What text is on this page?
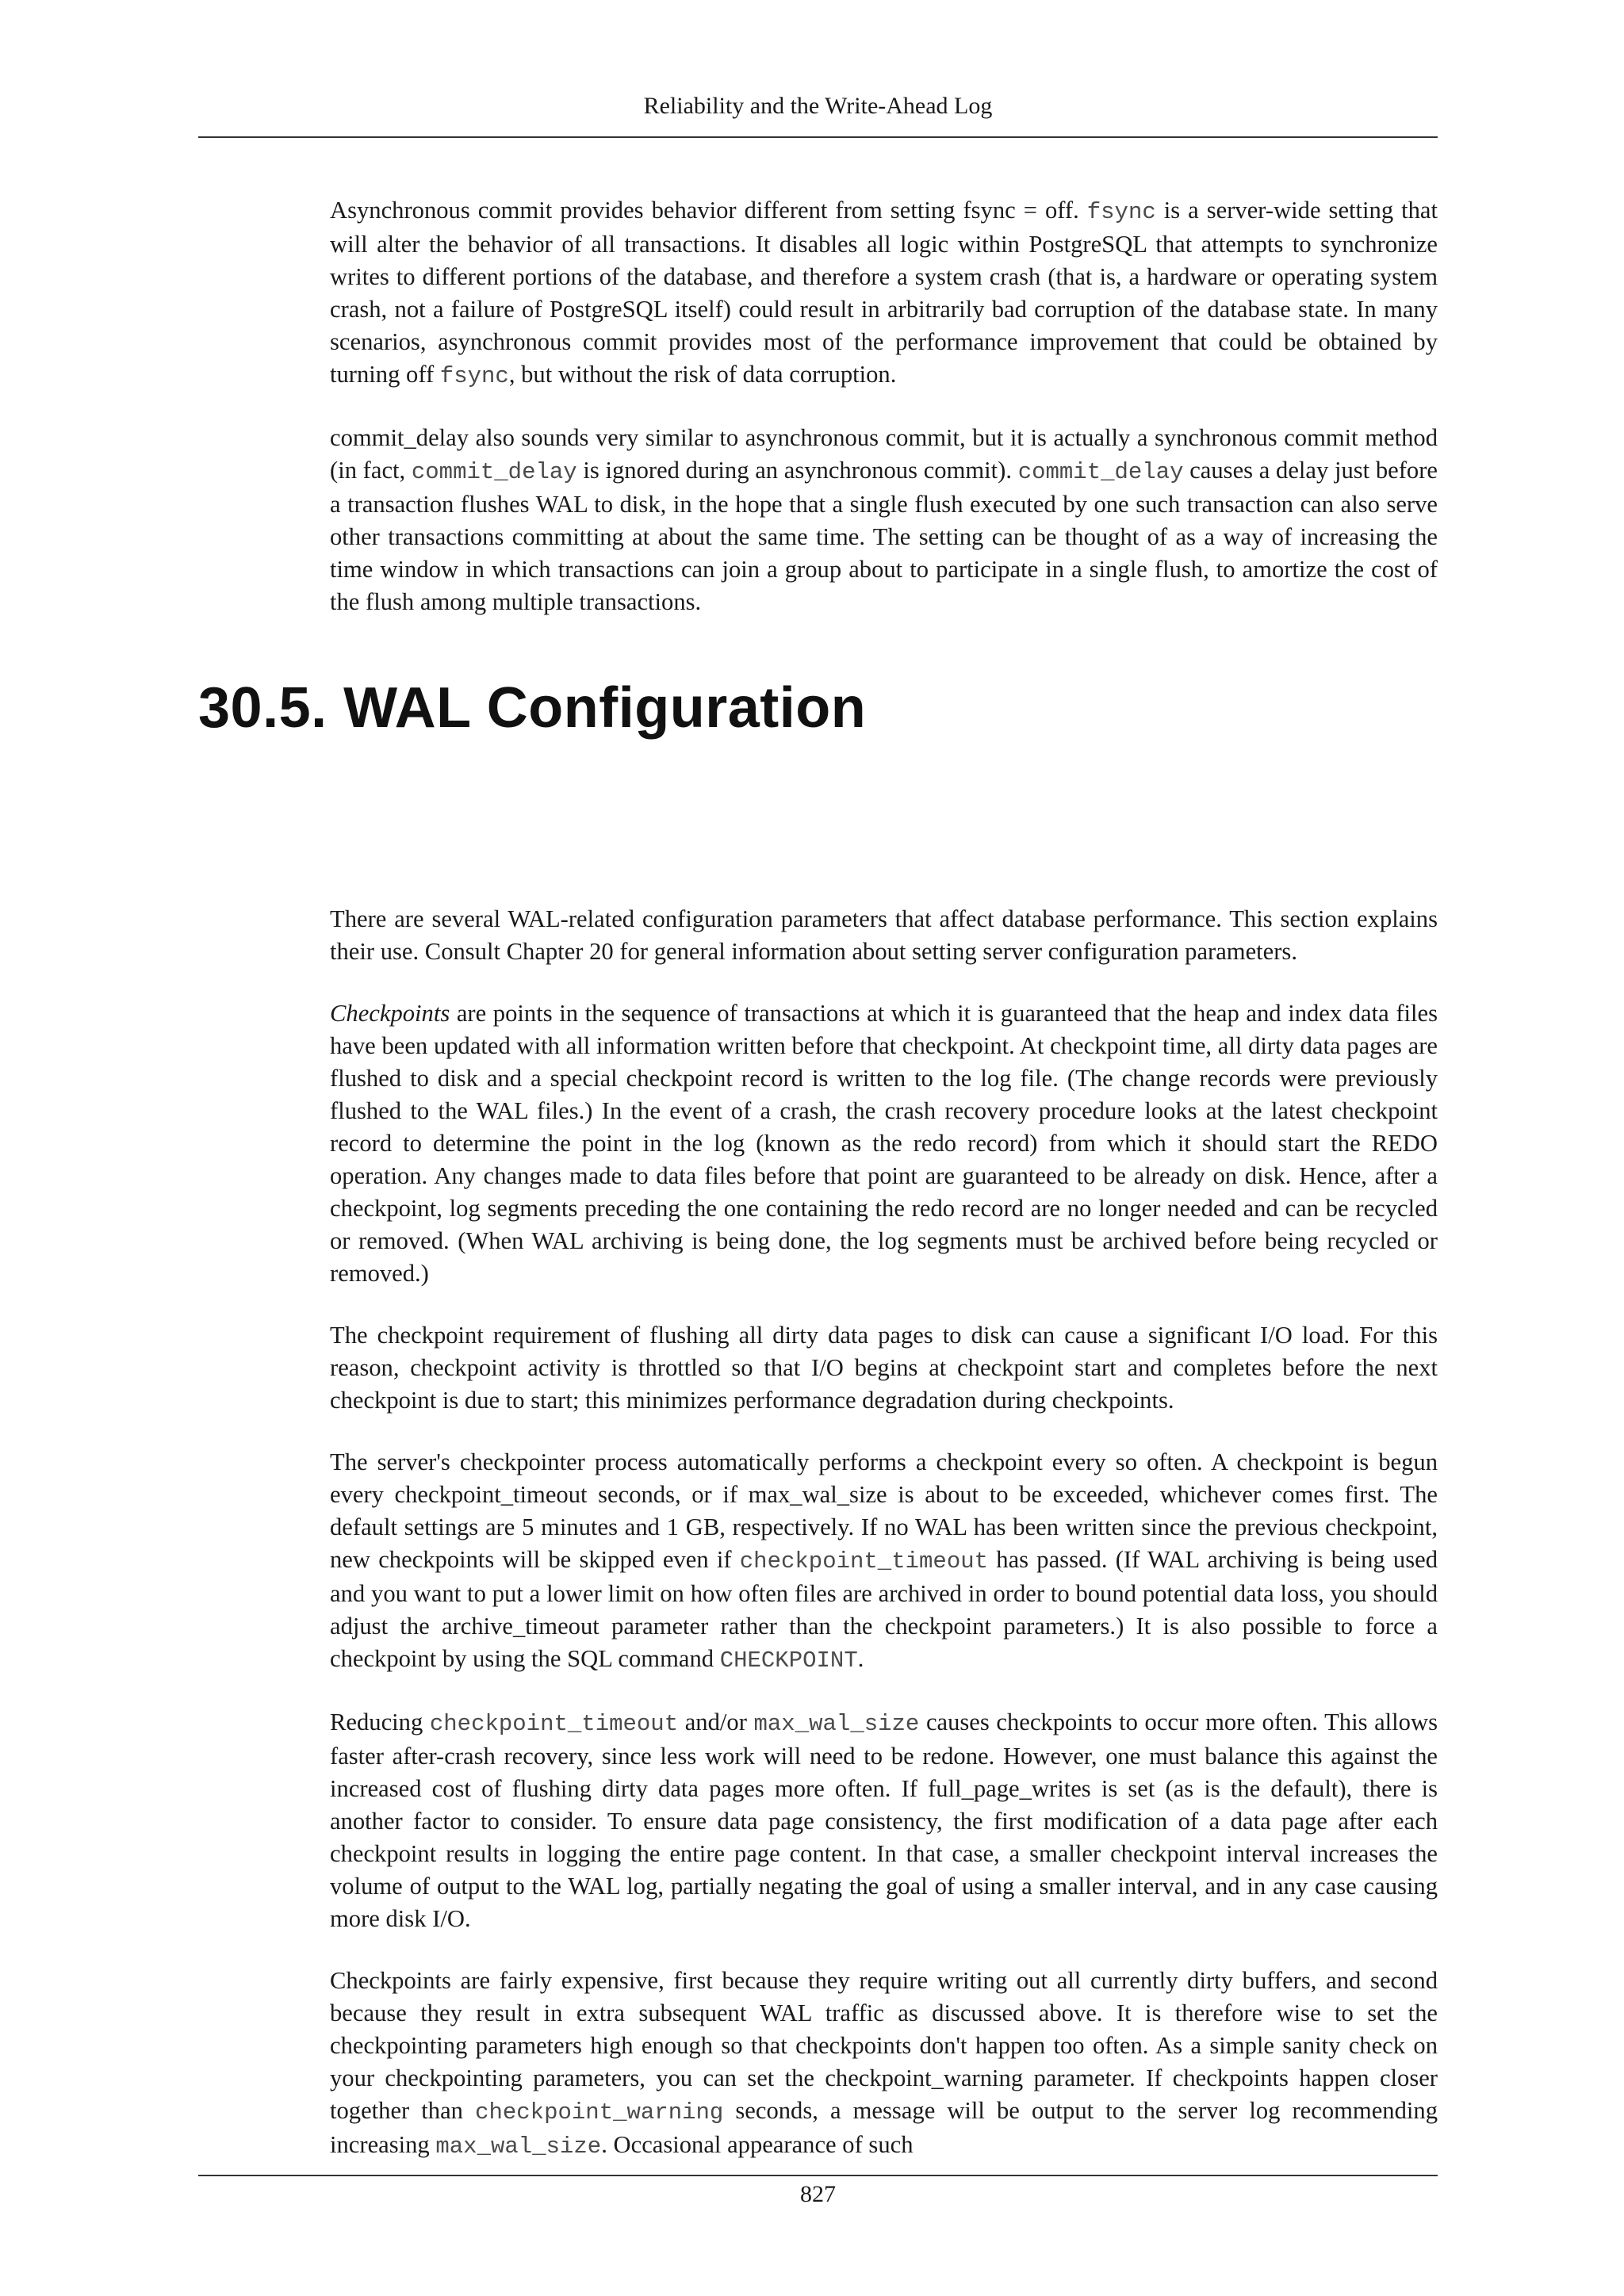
Reliability and the Write-Ahead Log

Asynchronous commit provides behavior different from setting fsync = off. fsync is a server-wide setting that will alter the behavior of all transactions. It disables all logic within PostgreSQL that attempts to synchronize writes to different portions of the database, and therefore a system crash (that is, a hardware or operating system crash, not a failure of PostgreSQL itself) could result in arbitrarily bad corruption of the database state. In many scenarios, asynchronous commit provides most of the performance improvement that could be obtained by turning off fsync, but without the risk of data corruption.

commit_delay also sounds very similar to asynchronous commit, but it is actually a synchronous commit method (in fact, commit_delay is ignored during an asynchronous commit). commit_delay causes a delay just before a transaction flushes WAL to disk, in the hope that a single flush executed by one such transaction can also serve other transactions committing at about the same time. The setting can be thought of as a way of increasing the time window in which transactions can join a group about to participate in a single flush, to amortize the cost of the flush among multiple transactions.

30.5. WAL Configuration

There are several WAL-related configuration parameters that affect database performance. This section explains their use. Consult Chapter 20 for general information about setting server configuration parameters.

Checkpoints are points in the sequence of transactions at which it is guaranteed that the heap and index data files have been updated with all information written before that checkpoint. At checkpoint time, all dirty data pages are flushed to disk and a special checkpoint record is written to the log file. (The change records were previously flushed to the WAL files.) In the event of a crash, the crash recovery procedure looks at the latest checkpoint record to determine the point in the log (known as the redo record) from which it should start the REDO operation. Any changes made to data files before that point are guaranteed to be already on disk. Hence, after a checkpoint, log segments preceding the one containing the redo record are no longer needed and can be recycled or removed. (When WAL archiving is being done, the log segments must be archived before being recycled or removed.)

The checkpoint requirement of flushing all dirty data pages to disk can cause a significant I/O load. For this reason, checkpoint activity is throttled so that I/O begins at checkpoint start and completes before the next checkpoint is due to start; this minimizes performance degradation during checkpoints.

The server's checkpointer process automatically performs a checkpoint every so often. A checkpoint is begun every checkpoint_timeout seconds, or if max_wal_size is about to be exceeded, whichever comes first. The default settings are 5 minutes and 1 GB, respectively. If no WAL has been written since the previous checkpoint, new checkpoints will be skipped even if checkpoint_timeout has passed. (If WAL archiving is being used and you want to put a lower limit on how often files are archived in order to bound potential data loss, you should adjust the archive_timeout parameter rather than the checkpoint parameters.) It is also possible to force a checkpoint by using the SQL command CHECKPOINT.

Reducing checkpoint_timeout and/or max_wal_size causes checkpoints to occur more often. This allows faster after-crash recovery, since less work will need to be redone. However, one must balance this against the increased cost of flushing dirty data pages more often. If full_page_writes is set (as is the default), there is another factor to consider. To ensure data page consistency, the first modification of a data page after each checkpoint results in logging the entire page content. In that case, a smaller checkpoint interval increases the volume of output to the WAL log, partially negating the goal of using a smaller interval, and in any case causing more disk I/O.

Checkpoints are fairly expensive, first because they require writing out all currently dirty buffers, and second because they result in extra subsequent WAL traffic as discussed above. It is therefore wise to set the checkpointing parameters high enough so that checkpoints don't happen too often. As a simple sanity check on your checkpointing parameters, you can set the checkpoint_warning parameter. If checkpoints happen closer together than checkpoint_warning seconds, a message will be output to the server log recommending increasing max_wal_size. Occasional appearance of such

827
